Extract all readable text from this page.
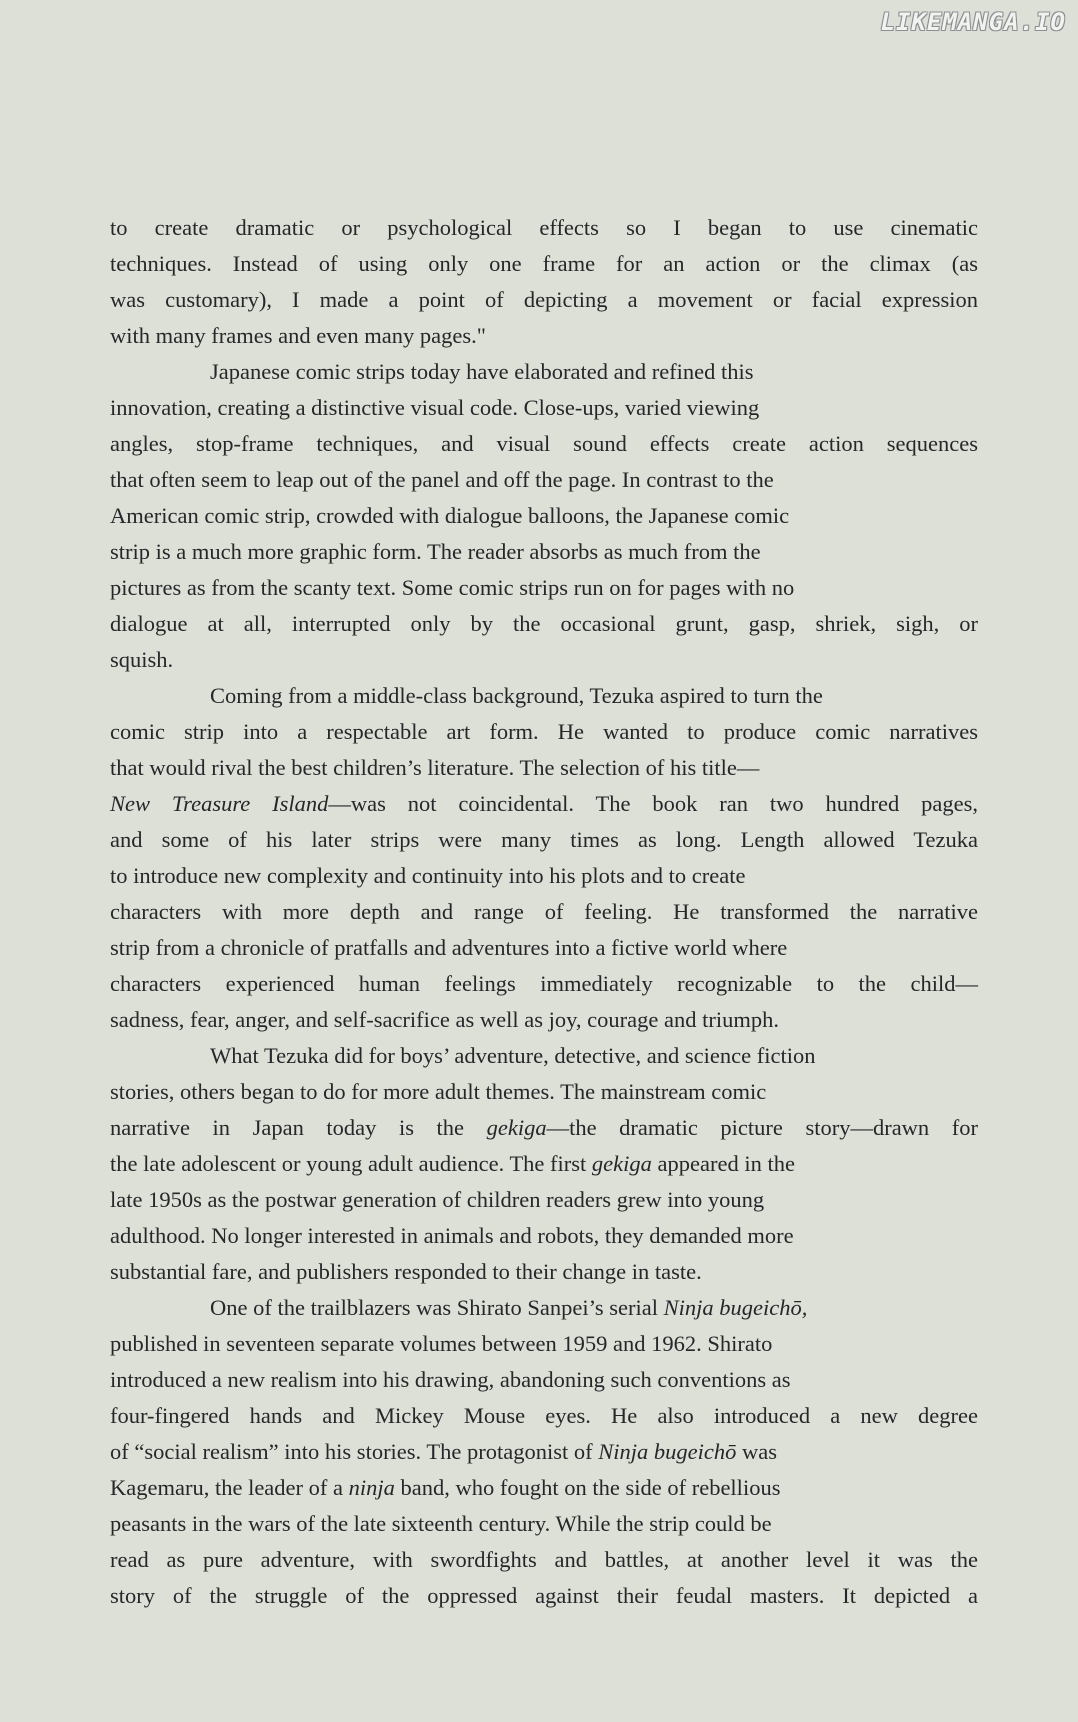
LIKEMANGA.IO
to create dramatic or psychological effects so I began to use cinematic
techniques. Instead of using only one frame for an action or the climax (as
was customary), I made a point of depicting a movement or facial expression
with many frames and even many pages."
Japanese comic strips today have elaborated and refined this
innovation, creating a distinctive visual code. Close-ups, varied viewing
angles, stop-frame techniques, and visual sound effects create action sequences
that often seem to leap out of the panel and off the page. In contrast to the
American comic strip, crowded with dialogue balloons, the Japanese comic
strip is a much more graphic form. The reader absorbs as much from the
pictures as from the scanty text. Some comic strips run on for pages with no
dialogue at all, interrupted only by the occasional grunt, gasp, shriek, sigh, or
squish.
Coming from a middle-class background, Tezuka aspired to turn the
comic strip into a respectable art form. He wanted to produce comic narratives
that would rival the best children’s literature. The selection of his title—
New Treasure Island—was not coincidental. The book ran two hundred pages,
and some of his later strips were many times as long. Length allowed Tezuka
to introduce new complexity and continuity into his plots and to create
characters with more depth and range of feeling. He transformed the narrative
strip from a chronicle of pratfalls and adventures into a fictive world where
characters experienced human feelings immediately recognizable to the child—
sadness, fear, anger, and self-sacrifice as well as joy, courage and triumph.
What Tezuka did for boys’ adventure, detective, and science fiction
stories, others began to do for more adult themes. The mainstream comic
narrative in Japan today is the gekiga—the dramatic picture story—drawn for
the late adolescent or young adult audience. The first gekiga appeared in the
late 1950s as the postwar generation of children readers grew into young
adulthood. No longer interested in animals and robots, they demanded more
substantial fare, and publishers responded to their change in taste.
One of the trailblazers was Shirato Sanpei’s serial Ninja bugeichō,
published in seventeen separate volumes between 1959 and 1962. Shirato
introduced a new realism into his drawing, abandoning such conventions as
four-fingered hands and Mickey Mouse eyes. He also introduced a new degree
of “social realism” into his stories. The protagonist of Ninja bugeichō was
Kagemaru, the leader of a ninja band, who fought on the side of rebellious
peasants in the wars of the late sixteenth century. While the strip could be
read as pure adventure, with swordfights and battles, at another level it was the
story of the struggle of the oppressed against their feudal masters. It depicted a
